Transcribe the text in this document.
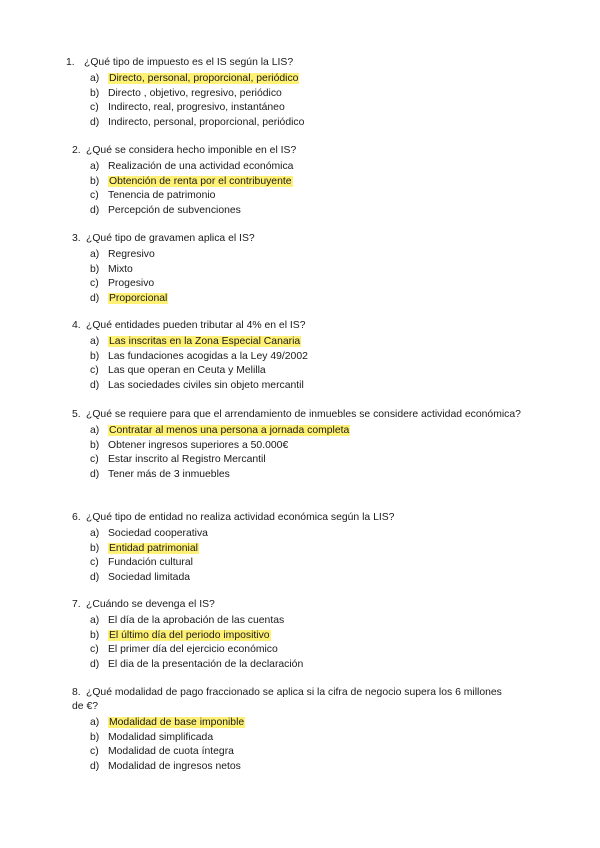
1. ¿Qué tipo de impuesto es el IS según la LIS?
a) Directo, personal, proporcional, periódico
b) Directo , objetivo, regresivo, periódico
c) Indirecto, real, progresivo, instantáneo
d) Indirecto, personal, proporcional, periódico
2. ¿Qué se considera hecho imponible en el IS?
a) Realización de una actividad económica
b) Obtención de renta por el contribuyente
c) Tenencia de patrimonio
d) Percepción de subvenciones
3. ¿Qué tipo de gravamen aplica el IS?
a) Regresivo
b) Mixto
c) Progesivo
d) Proporcional
4. ¿Qué entidades pueden tributar al 4% en el IS?
a) Las inscritas en la Zona Especial Canaria
b) Las fundaciones acogidas a la Ley 49/2002
c) Las que operan en Ceuta y Melilla
d) Las sociedades civiles sin objeto mercantil
5. ¿Qué se requiere para que el arrendamiento de inmuebles se considere actividad económica?
a) Contratar al menos una persona a jornada completa
b) Obtener ingresos superiores a 50.000€
c) Estar inscrito al Registro Mercantil
d) Tener más de 3 inmuebles
6. ¿Qué tipo de entidad no realiza actividad económica según la LIS?
a) Sociedad cooperativa
b) Entidad patrimonial
c) Fundación cultural
d) Sociedad limitada
7. ¿Cuándo se devenga el IS?
a) El día de la aprobación de las cuentas
b) El último día del periodo impositivo
c) El primer día del ejercicio económico
d) El dia de la presentación de la declaración
8. ¿Qué modalidad de pago fraccionado se aplica si la cifra de negocio supera los 6 millones de €?
a) Modalidad de base imponible
b) Modalidad simplificada
c) Modalidad de cuota íntegra
d) Modalidad de ingresos netos
